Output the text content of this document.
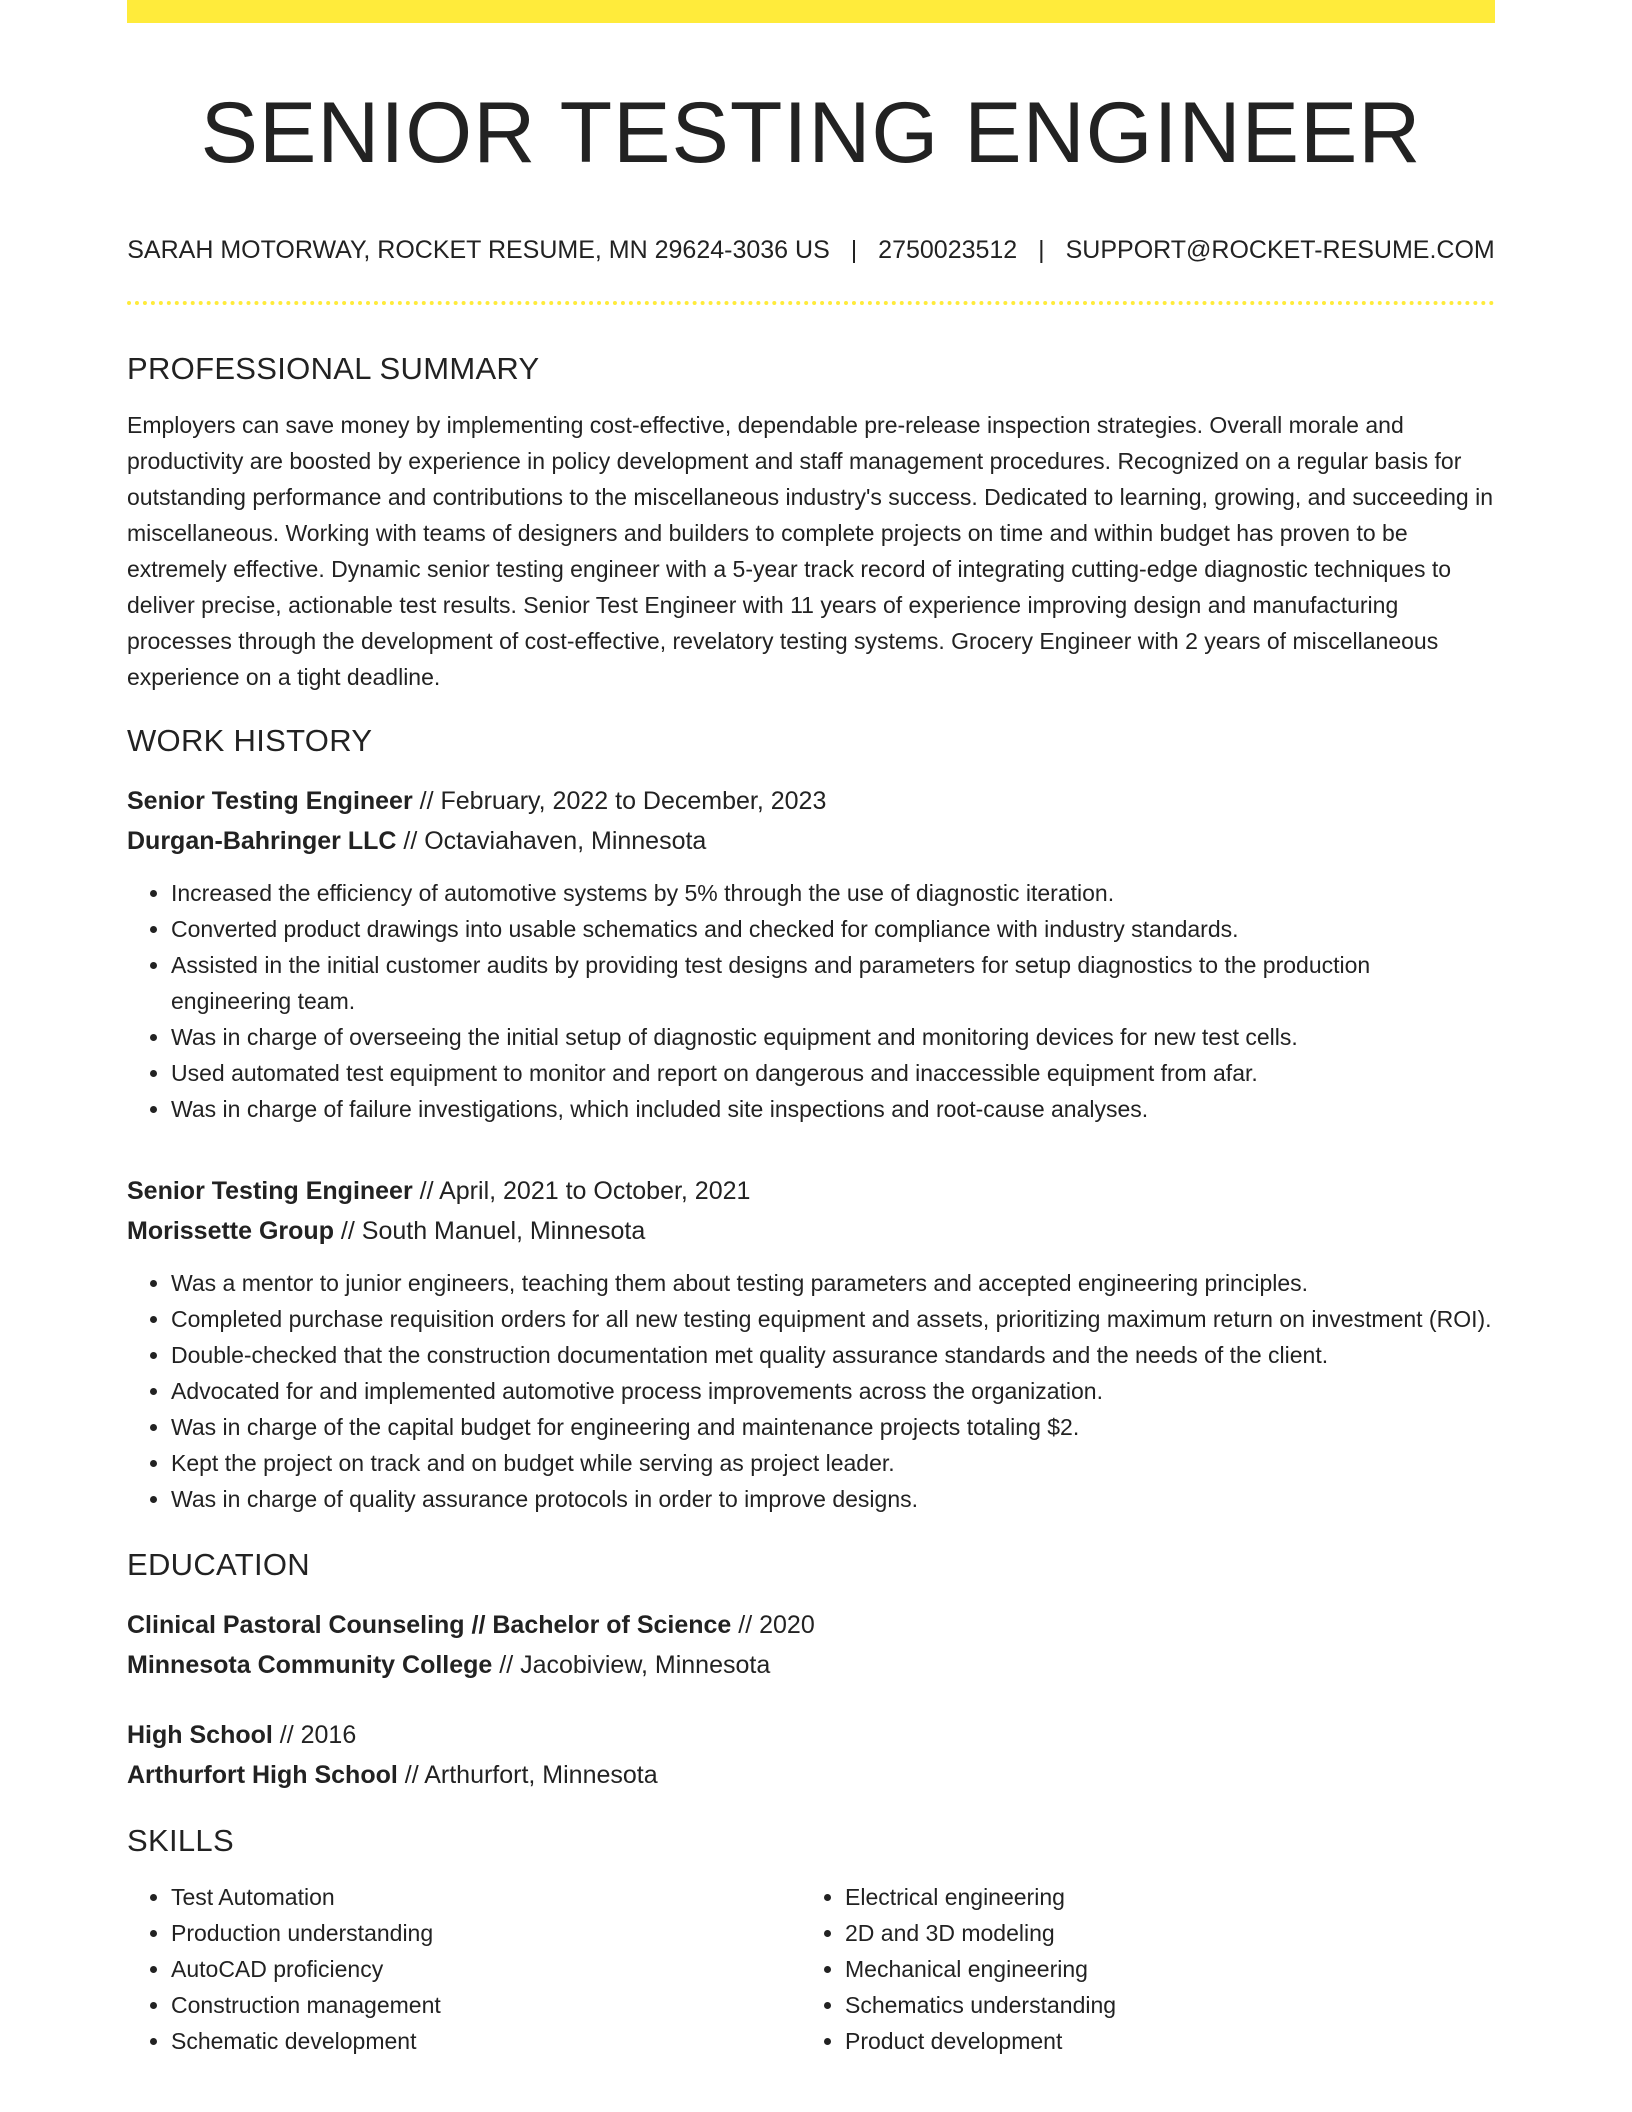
SENIOR TESTING ENGINEER
SARAH MOTORWAY, ROCKET RESUME, MN 29624-3036 US | 2750023512 | SUPPORT@ROCKET-RESUME.COM
PROFESSIONAL SUMMARY
Employers can save money by implementing cost-effective, dependable pre-release inspection strategies. Overall morale and productivity are boosted by experience in policy development and staff management procedures. Recognized on a regular basis for outstanding performance and contributions to the miscellaneous industry's success. Dedicated to learning, growing, and succeeding in miscellaneous. Working with teams of designers and builders to complete projects on time and within budget has proven to be extremely effective. Dynamic senior testing engineer with a 5-year track record of integrating cutting-edge diagnostic techniques to deliver precise, actionable test results. Senior Test Engineer with 11 years of experience improving design and manufacturing processes through the development of cost-effective, revelatory testing systems. Grocery Engineer with 2 years of miscellaneous experience on a tight deadline.
WORK HISTORY
Senior Testing Engineer // February, 2022 to December, 2023
Durgan-Bahringer LLC // Octaviahaven, Minnesota
• Increased the efficiency of automotive systems by 5% through the use of diagnostic iteration.
• Converted product drawings into usable schematics and checked for compliance with industry standards.
• Assisted in the initial customer audits by providing test designs and parameters for setup diagnostics to the production engineering team.
• Was in charge of overseeing the initial setup of diagnostic equipment and monitoring devices for new test cells.
• Used automated test equipment to monitor and report on dangerous and inaccessible equipment from afar.
• Was in charge of failure investigations, which included site inspections and root-cause analyses.
Senior Testing Engineer // April, 2021 to October, 2021
Morissette Group // South Manuel, Minnesota
• Was a mentor to junior engineers, teaching them about testing parameters and accepted engineering principles.
• Completed purchase requisition orders for all new testing equipment and assets, prioritizing maximum return on investment (ROI).
• Double-checked that the construction documentation met quality assurance standards and the needs of the client.
• Advocated for and implemented automotive process improvements across the organization.
• Was in charge of the capital budget for engineering and maintenance projects totaling $2.
• Kept the project on track and on budget while serving as project leader.
• Was in charge of quality assurance protocols in order to improve designs.
EDUCATION
Clinical Pastoral Counseling // Bachelor of Science // 2020
Minnesota Community College // Jacobiview, Minnesota
High School // 2016
Arthurfort High School // Arthurfort, Minnesota
SKILLS
• Test Automation
• Production understanding
• AutoCAD proficiency
• Construction management
• Schematic development
• Electrical engineering
• 2D and 3D modeling
• Mechanical engineering
• Schematics understanding
• Product development
